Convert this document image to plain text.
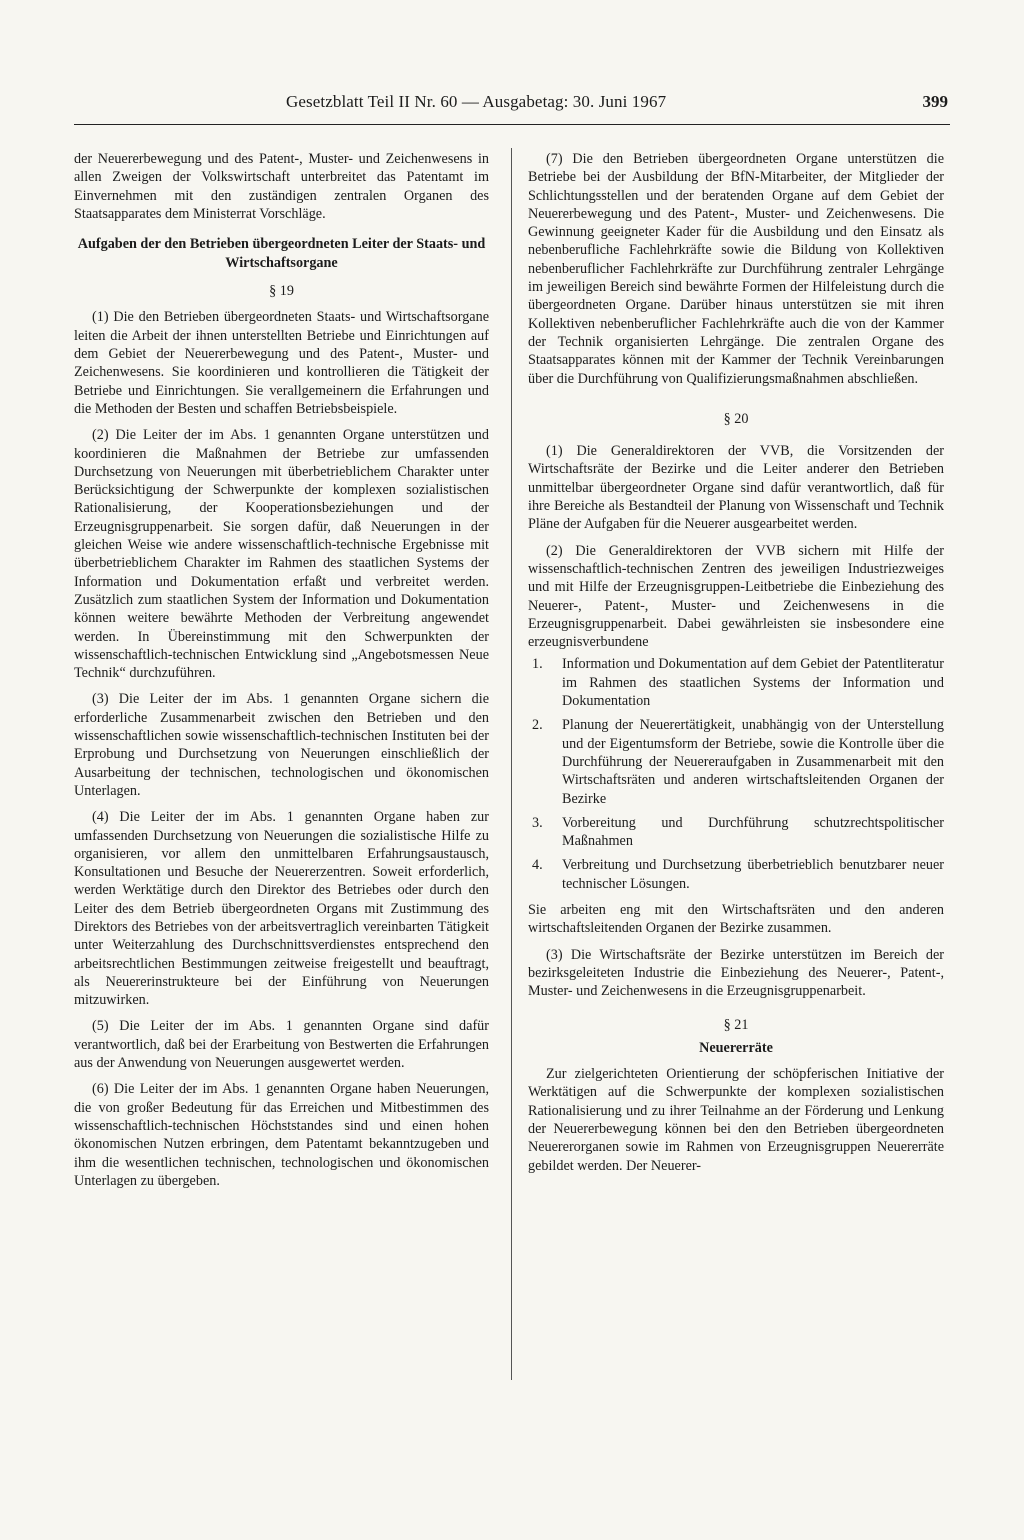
Gesetzblatt Teil II Nr. 60 — Ausgabetag: 30. Juni 1967	399

der Neuererbewegung und des Patent-, Muster- und Zeichenwesens in allen Zweigen der Volkswirtschaft unterbreitet das Patentamt im Einvernehmen mit den zuständigen zentralen Organen des Staatsapparates dem Ministerrat Vorschläge.

Aufgaben der den Betrieben übergeordneten Leiter der Staats- und Wirtschaftsorgane
§ 19

(1) Die den Betrieben übergeordneten Staats- und Wirtschaftsorgane leiten die Arbeit der ihnen unterstellten Betriebe und Einrichtungen auf dem Gebiet der Neuererbewegung und des Patent-, Muster- und Zeichenwesens. Sie koordinieren und kontrollieren die Tätigkeit der Betriebe und Einrichtungen. Sie verallgemeinern die Erfahrungen und die Methoden der Besten und schaffen Betriebsbeispiele.

(2) Die Leiter der im Abs. 1 genannten Organe unterstützen und koordinieren die Maßnahmen der Betriebe zur umfassenden Durchsetzung von Neuerungen mit überbetrieblichem Charakter unter Berücksichtigung der Schwerpunkte der komplexen sozialistischen Rationalisierung, der Kooperationsbeziehungen und der Erzeugnisgruppenarbeit. Sie sorgen dafür, daß Neuerungen in der gleichen Weise wie andere wissenschaftlich-technische Ergebnisse mit überbetrieblichem Charakter im Rahmen des staatlichen Systems der Information und Dokumentation erfaßt und verbreitet werden. Zusätzlich zum staatlichen System der Information und Dokumentation können weitere bewährte Methoden der Verbreitung angewendet werden. In Übereinstimmung mit den Schwerpunkten der wissenschaftlich-technischen Entwicklung sind „Angebotsmessen Neue Technik“ durchzuführen.

(3) Die Leiter der im Abs. 1 genannten Organe sichern die erforderliche Zusammenarbeit zwischen den Betrieben und den wissenschaftlichen sowie wissenschaftlich-technischen Instituten bei der Erprobung und Durchsetzung von Neuerungen einschließlich der Ausarbeitung der technischen, technologischen und ökonomischen Unterlagen.

(4) Die Leiter der im Abs. 1 genannten Organe haben zur umfassenden Durchsetzung von Neuerungen die sozialistische Hilfe zu organisieren, vor allem den unmittelbaren Erfahrungsaustausch, Konsultationen und Besuche der Neuererzentren. Soweit erforderlich, werden Werktätige durch den Direktor des Betriebes oder durch den Leiter des dem Betrieb übergeordneten Organs mit Zustimmung des Direktors des Betriebes von der arbeitsvertraglich vereinbarten Tätigkeit unter Weiterzahlung des Durchschnittsverdienstes entsprechend den arbeitsrechtlichen Bestimmungen zeitweise freigestellt und beauftragt, als Neuererinstrukteure bei der Einführung von Neuerungen mitzuwirken.

(5) Die Leiter der im Abs. 1 genannten Organe sind dafür verantwortlich, daß bei der Erarbeitung von Bestwerten die Erfahrungen aus der Anwendung von Neuerungen ausgewertet werden.

(6) Die Leiter der im Abs. 1 genannten Organe haben Neuerungen, die von großer Bedeutung für das Erreichen und Mitbestimmen des wissenschaftlich-technischen Höchststandes sind und einen hohen ökonomischen Nutzen erbringen, dem Patentamt bekanntzugeben und ihm die wesentlichen technischen, technologischen und ökonomischen Unterlagen zu übergeben.

(7) Die den Betrieben übergeordneten Organe unterstützen die Betriebe bei der Ausbildung der BfN-Mitarbeiter, der Mitglieder der Schlichtungsstellen und der beratenden Organe auf dem Gebiet der Neuererbewegung und des Patent-, Muster- und Zeichenwesens. Die Gewinnung geeigneter Kader für die Ausbildung und den Einsatz als nebenberufliche Fachlehrkräfte sowie die Bildung von Kollektiven nebenberuflicher Fachlehrkräfte zur Durchführung zentraler Lehrgänge im jeweiligen Bereich sind bewährte Formen der Hilfeleistung durch die übergeordneten Organe. Darüber hinaus unterstützen sie mit ihren Kollektiven nebenberuflicher Fachlehrkräfte auch die von der Kammer der Technik organisierten Lehrgänge. Die zentralen Organe des Staatsapparates können mit der Kammer der Technik Vereinbarungen über die Durchführung von Qualifizierungsmaßnahmen abschließen.

§ 20

(1) Die Generaldirektoren der VVB, die Vorsitzenden der Wirtschaftsräte der Bezirke und die Leiter anderer den Betrieben unmittelbar übergeordneter Organe sind dafür verantwortlich, daß für ihre Bereiche als Bestandteil der Planung von Wissenschaft und Technik Pläne der Aufgaben für die Neuerer ausgearbeitet werden.

(2) Die Generaldirektoren der VVB sichern mit Hilfe der wissenschaftlich-technischen Zentren des jeweiligen Industriezweiges und mit Hilfe der Erzeugnisgruppen-Leitbetriebe die Einbeziehung des Neuerer-, Patent-, Muster- und Zeichenwesens in die Erzeugnisgruppenarbeit. Dabei gewährleisten sie insbesondere eine erzeugnisverbundene

1.	Information und Dokumentation auf dem Gebiet der Patentliteratur im Rahmen des staatlichen Systems der Information und Dokumentation
2.	Planung der Neuerertätigkeit, unabhängig von der Unterstellung und der Eigentumsform der Betriebe, sowie die Kontrolle über die Durchführung der Neuereraufgaben in Zusammenarbeit mit den Wirtschaftsräten und anderen wirtschaftsleitenden Organen der Bezirke
3.	Vorbereitung und Durchführung schutzrechtspolitischer Maßnahmen
4.	Verbreitung und Durchsetzung überbetrieblich benutzbarer neuer technischer Lösungen.

Sie arbeiten eng mit den Wirtschaftsräten und den anderen wirtschaftsleitenden Organen der Bezirke zusammen.

(3) Die Wirtschaftsräte der Bezirke unterstützen im Bereich der bezirksgeleiteten Industrie die Einbeziehung des Neuerer-, Patent-, Muster- und Zeichenwesens in die Erzeugnisgruppenarbeit.

§ 21
Neuererräte

Zur zielgerichteten Orientierung der schöpferischen Initiative der Werktätigen auf die Schwerpunkte der komplexen sozialistischen Rationalisierung und zu ihrer Teilnahme an der Förderung und Lenkung der Neuererbewegung können bei den den Betrieben übergeordneten Neuererorganen sowie im Rahmen von Erzeugnisgruppen Neuererräte gebildet werden. Der Neuerer-
